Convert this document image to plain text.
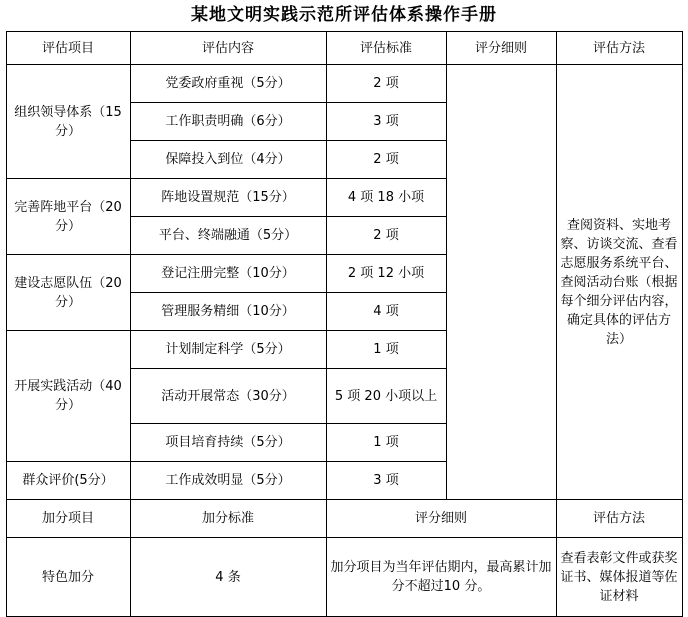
某地文明实践示范所评估体系操作手册
评估项目	评估内容	评估标准	评分细则	评估方法
组织领导体系（15分）	党委政府重视（5分）	2 项		查阅资料、实地考察、访谈交流、查看志愿服务系统平台、查阅活动台账（根据每个细分评估内容，确定具体的评估方法）
	工作职责明确（6分）	3 项		
	保障投入到位（4分）	2 项		
完善阵地平台（20分）	阵地设置规范（15分）	4 项 18 小项		
	平台、终端融通（5分）	2 项		
建设志愿队伍（20分）	登记注册完整（10分）	2 项 12 小项		
	管理服务精细（10分）	4 项		
开展实践活动（40分）	计划制定科学（5分）	1 项		
	活动开展常态（30分）	5 项 20 小项以上		
	项目培育持续（5分）	1 项		
群众评价(5分）	工作成效明显（5分）	3 项		
加分项目	加分标准	评分细则		评估方法
特色加分	4 条	加分项目为当年评估期内，最高累计加分不超过10 分。		查看表彰文件或获奖证书、媒体报道等佐证材料
